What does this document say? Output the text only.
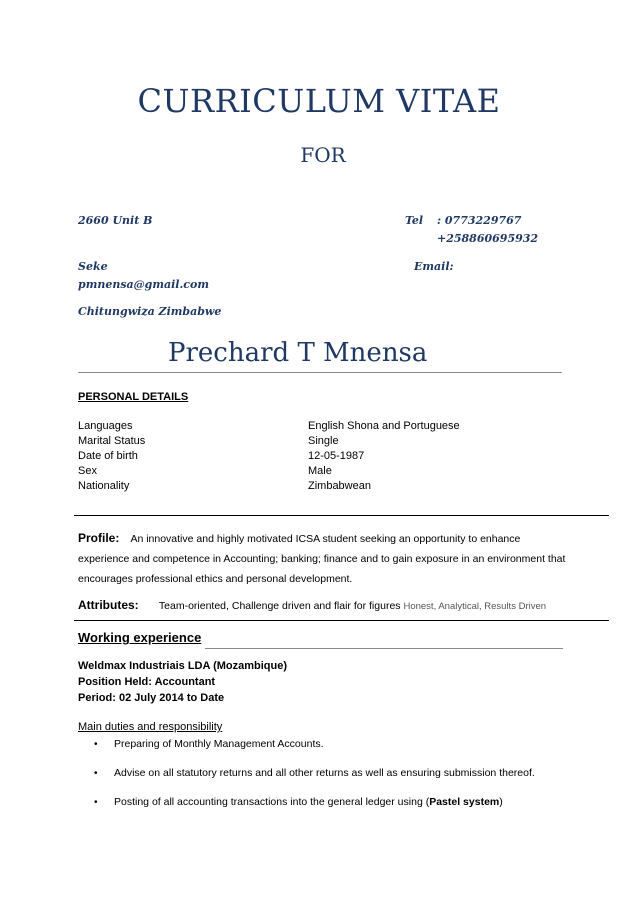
CURRICULUM VITAE
FOR
2660 Unit B	Tel : 0773229767
+258860695932
Seke	Email:
pmnensa@gmail.com
Chitungwiza Zimbabwe
Prechard T Mnensa
PERSONAL DETAILS
Languages	English Shona and Portuguese
Marital Status	Single
Date of birth	12-05-1987
Sex	Male
Nationality	Zimbabwean
Profile: An innovative and highly motivated ICSA student seeking an opportunity to enhance experience and competence in Accounting; banking; finance and to gain exposure in an environment that encourages professional ethics and personal development.
Attributes: Team-oriented, Challenge driven and flair for figures Honest, Analytical, Results Driven
Working experience
Weldmax Industriais LDA (Mozambique)
Position Held: Accountant
Period: 02 July 2014 to Date
Main duties and responsibility
• Preparing of Monthly Management Accounts.
• Advise on all statutory returns and all other returns as well as ensuring submission thereof.
• Posting of all accounting transactions into the general ledger using (Pastel system)
